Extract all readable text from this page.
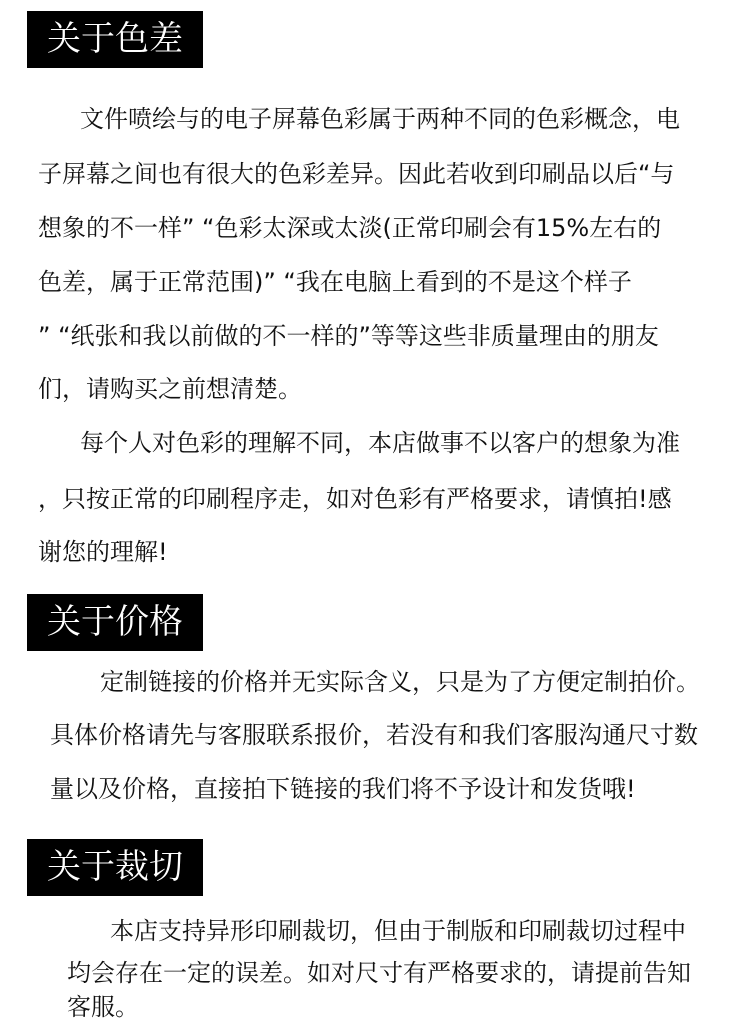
关于色差
文件喷绘与的电子屏幕色彩属于两种不同的色彩概念，电
子屏幕之间也有很大的色彩差异。因此若收到印刷品以后“与
想象的不一样” “色彩太深或太淡(正常印刷会有15%左右的
色差，属于正常范围)” “我在电脑上看到的不是这个样子
” “纸张和我以前做的不一样的”等等这些非质量理由的朋友
们，请购买之前想清楚。
每个人对色彩的理解不同，本店做事不以客户的想象为准
，只按正常的印刷程序走，如对色彩有严格要求，请慎拍!感
谢您的理解!
关于价格
定制链接的价格并无实际含义，只是为了方便定制拍价。
具体价格请先与客服联系报价，若没有和我们客服沟通尺寸数
量以及价格，直接拍下链接的我们将不予设计和发货哦!
关于裁切
本店支持异形印刷裁切，但由于制版和印刷裁切过程中
均会存在一定的误差。如对尺寸有严格要求的，请提前告知
客服。
